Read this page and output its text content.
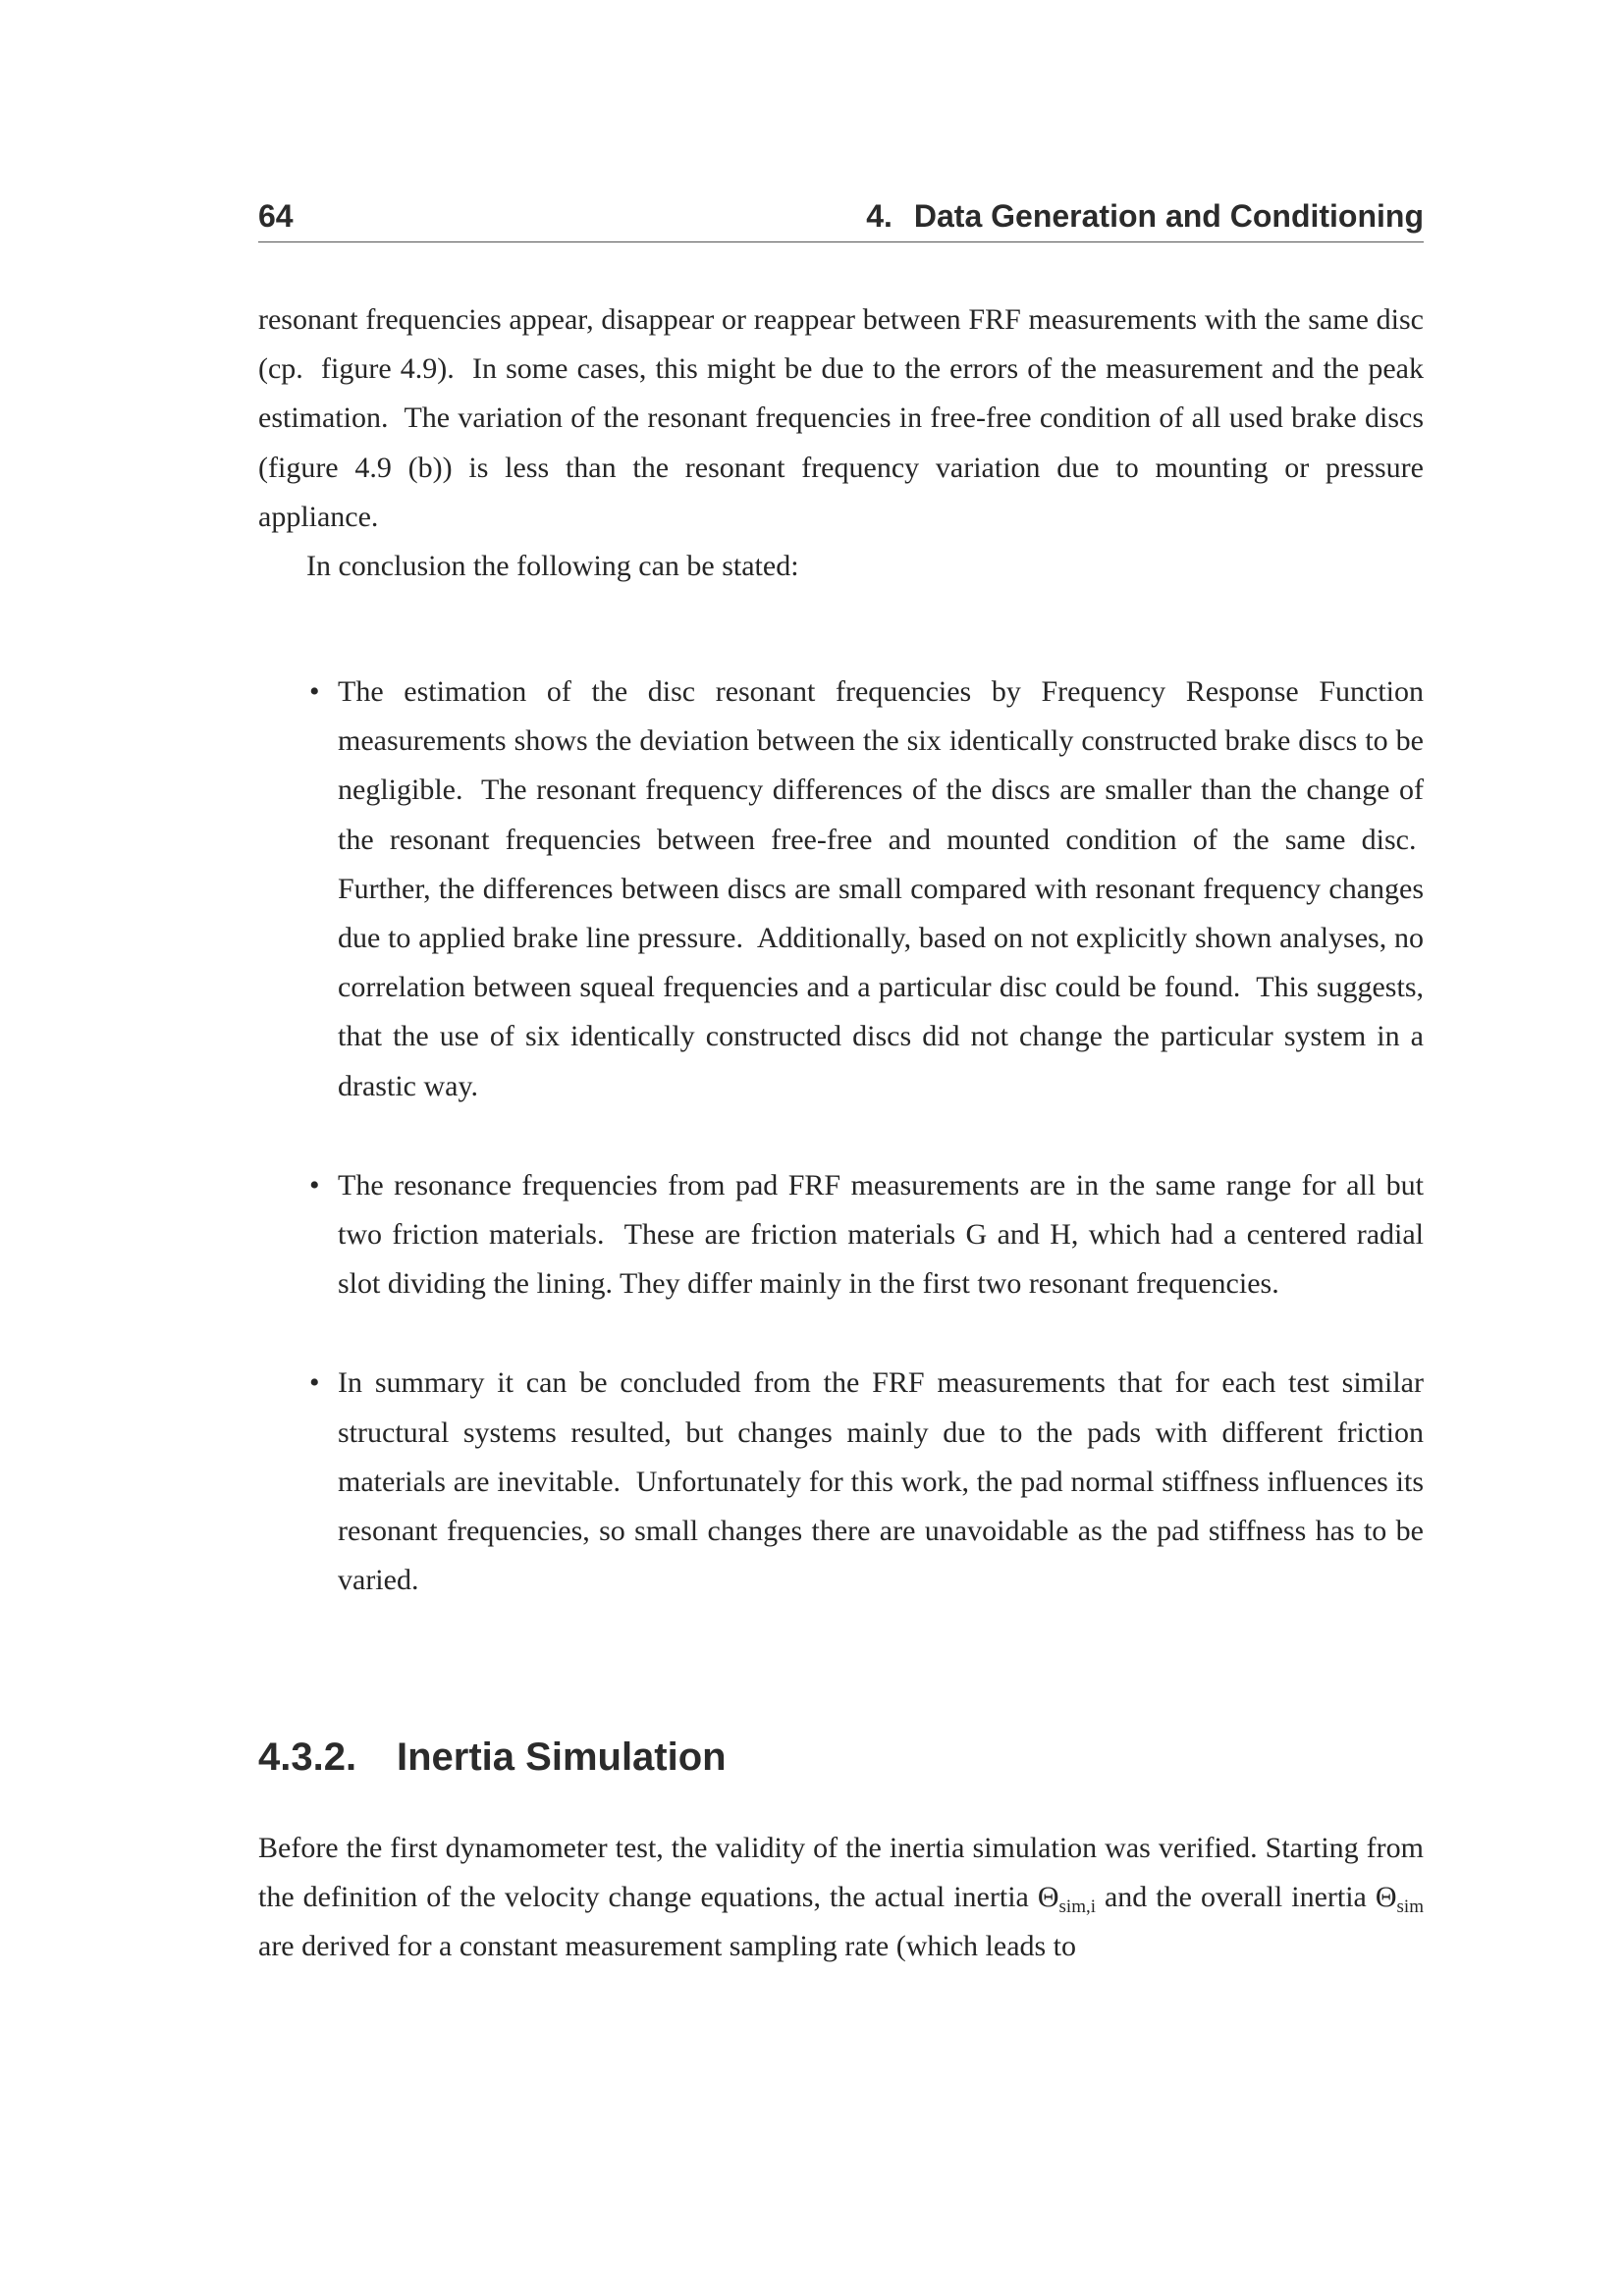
64	4. Data Generation and Conditioning

resonant frequencies appear, disappear or reappear between FRF measurements with the same disc (cp.  figure 4.9).  In some cases, this might be due to the errors of the measurement and the peak estimation.  The variation of the resonant frequencies in free-free condition of all used brake discs (figure 4.9 (b)) is less than the resonant frequency variation due to mounting or pressure appliance.

In conclusion the following can be stated:

• The estimation of the disc resonant frequencies by Frequency Response Function measurements shows the deviation between the six identically constructed brake discs to be negligible.  The resonant frequency differences of the discs are smaller than the change of the resonant frequencies between free-free and mounted condition of the same disc.  Further, the differences between discs are small compared with resonant frequency changes due to applied brake line pressure.  Additionally, based on not explicitly shown analyses, no correlation between squeal frequencies and a particular disc could be found.  This suggests, that the use of six identically constructed discs did not change the particular system in a drastic way.

• The resonance frequencies from pad FRF measurements are in the same range for all but two friction materials.  These are friction materials G and H, which had a centered radial slot dividing the lining. They differ mainly in the first two resonant frequencies.

• In summary it can be concluded from the FRF measurements that for each test similar structural systems resulted, but changes mainly due to the pads with different friction materials are inevitable.  Unfortunately for this work, the pad normal stiffness influences its resonant frequencies, so small changes there are unavoidable as the pad stiffness has to be varied.

4.3.2. Inertia Simulation

Before the first dynamometer test, the validity of the inertia simulation was verified. Starting from the definition of the velocity change equations, the actual inertia $\Theta_{sim,i}$ and the overall inertia $\Theta_{sim}$ are derived for a constant measurement sampling rate (which leads to
